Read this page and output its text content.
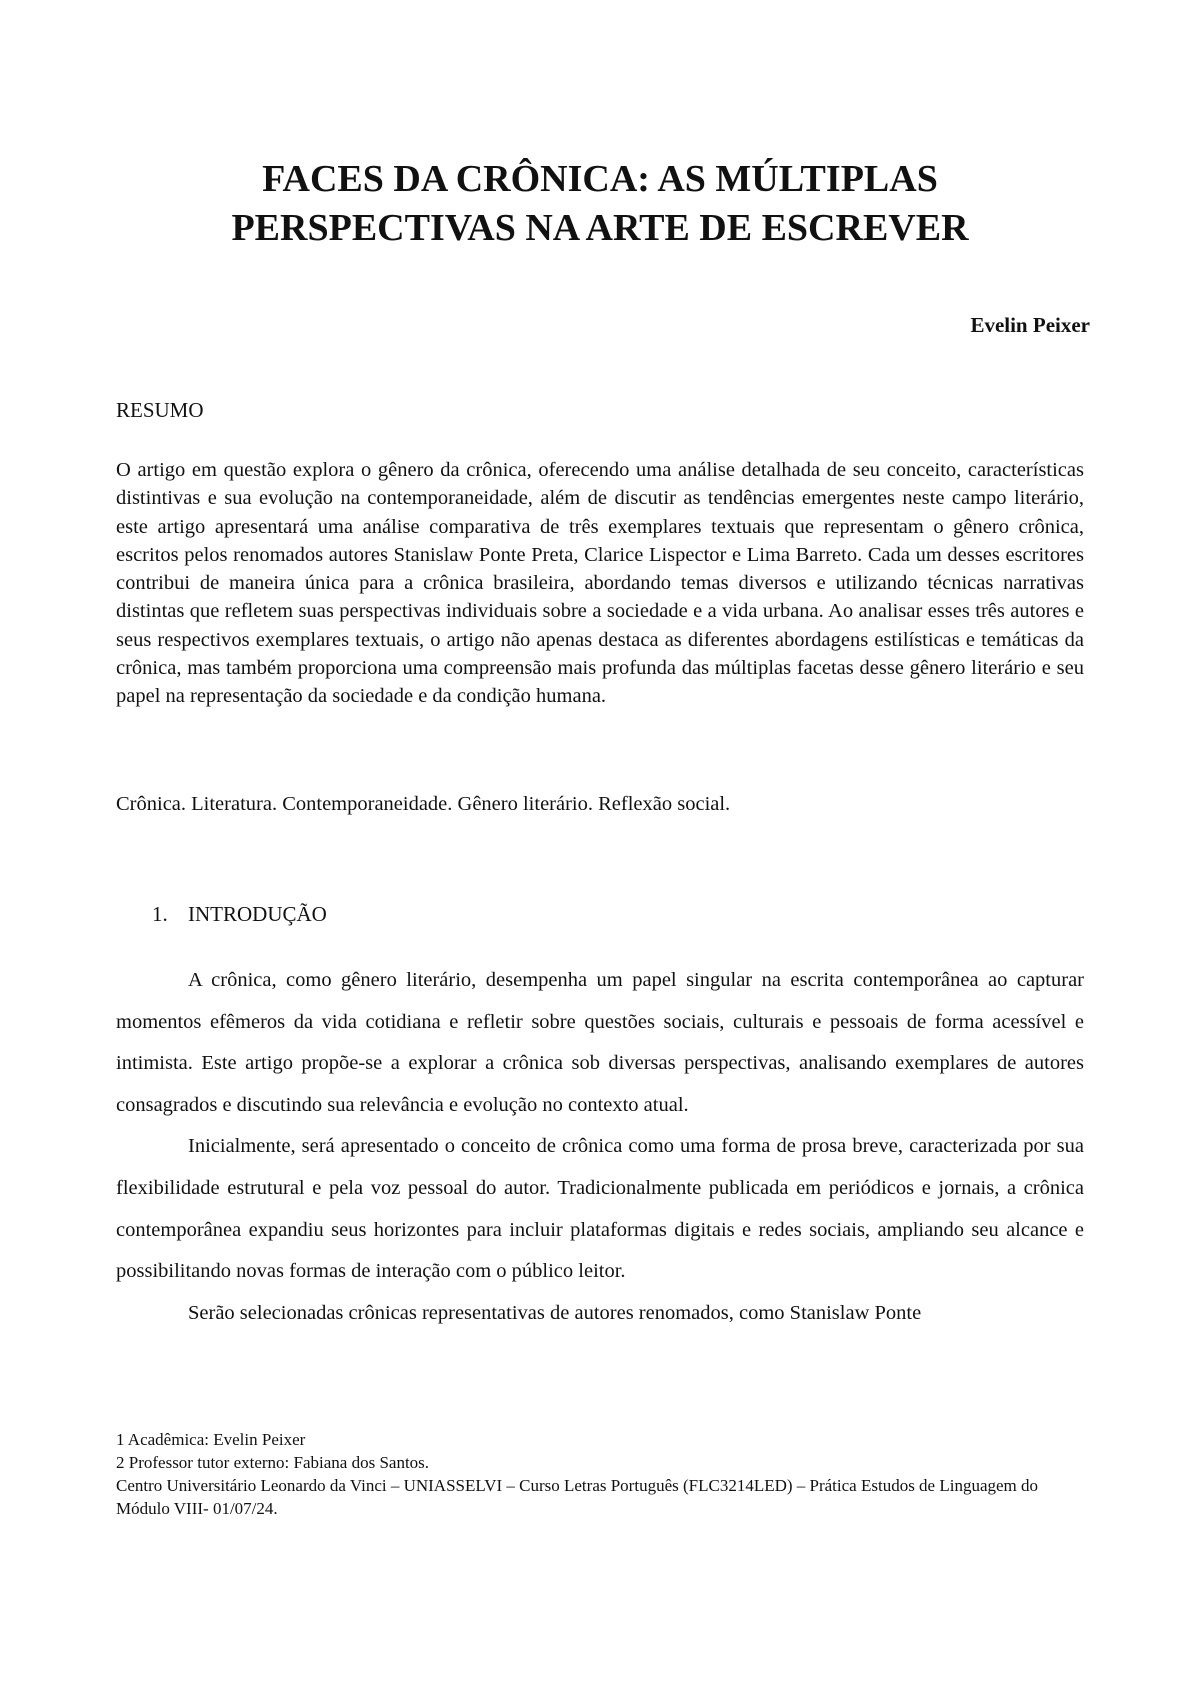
FACES DA CRÔNICA: AS MÚLTIPLAS
PERSPECTIVAS NA ARTE DE ESCREVER
Evelin Peixer
RESUMO
O artigo em questão explora o gênero da crônica, oferecendo uma análise detalhada de seu conceito, características distintivas e sua evolução na contemporaneidade, além de discutir as tendências emergentes neste campo literário, este artigo apresentará uma análise comparativa de três exemplares textuais que representam o gênero crônica, escritos pelos renomados autores Stanislaw Ponte Preta, Clarice Lispector e Lima Barreto. Cada um desses escritores contribui de maneira única para a crônica brasileira, abordando temas diversos e utilizando técnicas narrativas distintas que refletem suas perspectivas individuais sobre a sociedade e a vida urbana. Ao analisar esses três autores e seus respectivos exemplares textuais, o artigo não apenas destaca as diferentes abordagens estilísticas e temáticas da crônica, mas também proporciona uma compreensão mais profunda das múltiplas facetas desse gênero literário e seu papel na representação da sociedade e da condição humana.
Crônica. Literatura. Contemporaneidade. Gênero literário. Reflexão social.
1. INTRODUÇÃO

A crônica, como gênero literário, desempenha um papel singular na escrita contemporânea ao capturar momentos efêmeros da vida cotidiana e refletir sobre questões sociais, culturais e pessoais de forma acessível e intimista. Este artigo propõe-se a explorar a crônica sob diversas perspectivas, analisando exemplares de autores consagrados e discutindo sua relevância e evolução no contexto atual.

Inicialmente, será apresentado o conceito de crônica como uma forma de prosa breve, caracterizada por sua flexibilidade estrutural e pela voz pessoal do autor. Tradicionalmente publicada em periódicos e jornais, a crônica contemporânea expandiu seus horizontes para incluir plataformas digitais e redes sociais, ampliando seu alcance e possibilitando novas formas de interação com o público leitor.

Serão selecionadas crônicas representativas de autores renomados, como Stanislaw Ponte

1 Acadêmica: Evelin Peixer
2 Professor tutor externo: Fabiana dos Santos.
Centro Universitário Leonardo da Vinci – UNIASSELVI – Curso Letras Português (FLC3214LED) – Prática Estudos de Linguagem do Módulo VIII- 01/07/24.
